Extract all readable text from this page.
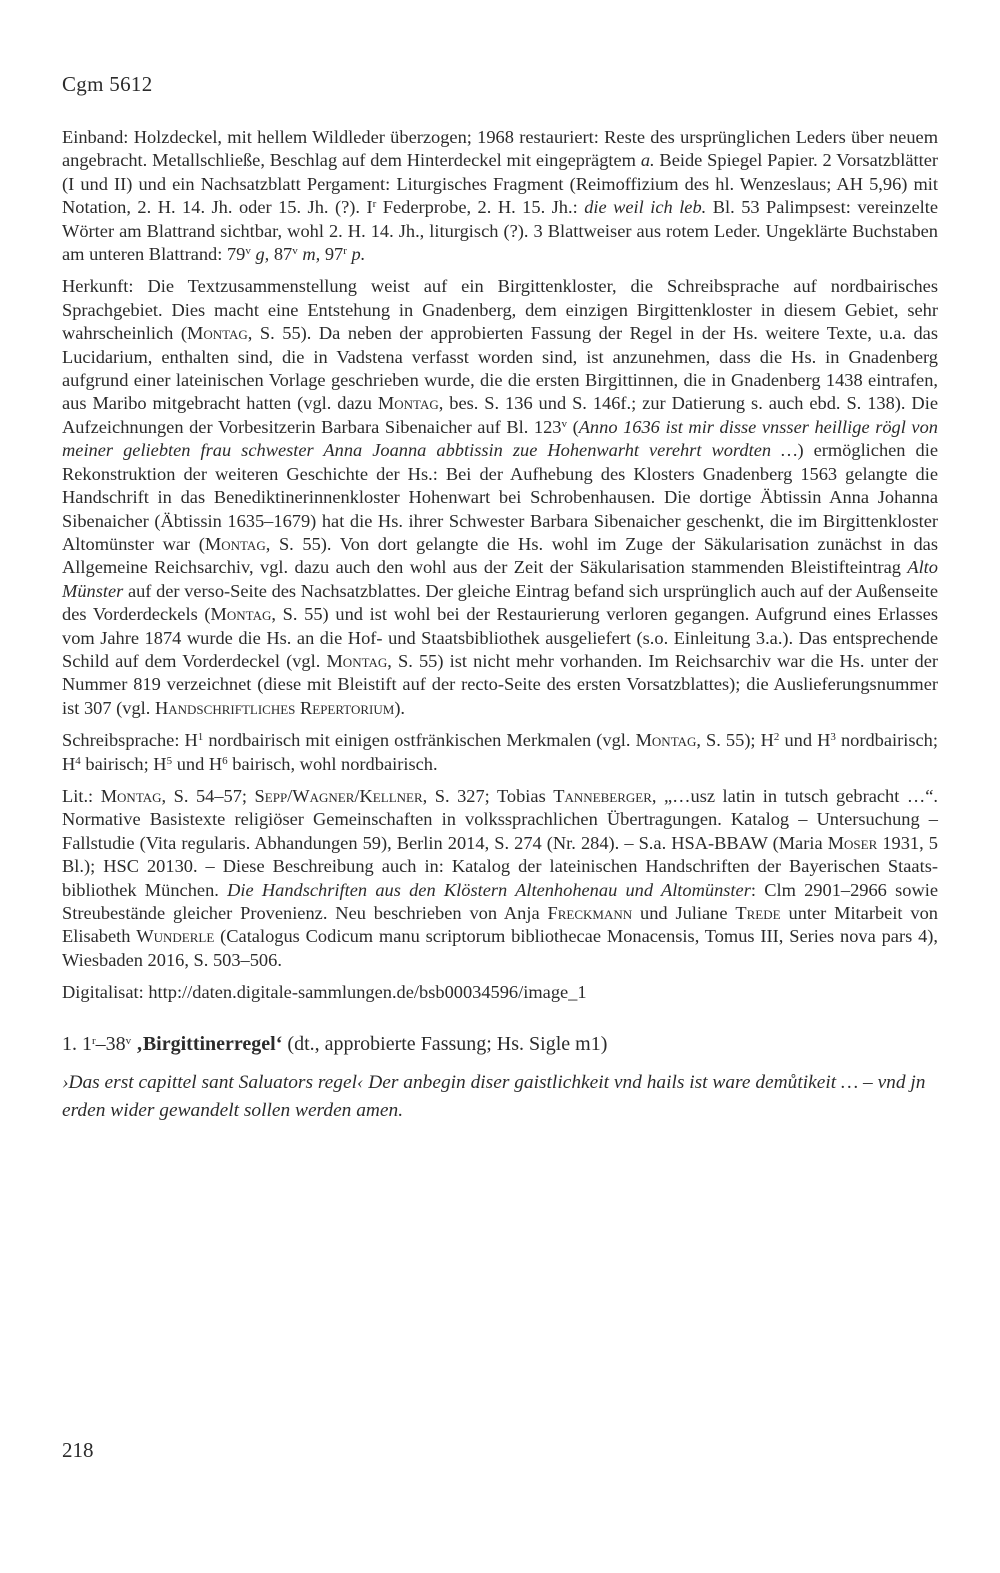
Cgm 5612

Einband: Holzdeckel, mit hellem Wildleder überzogen; 1968 restauriert: Reste des ursprünglichen Leders über neuem angebracht. Metallschließe, Beschlag auf dem Hinterdeckel mit eingeprägtem a. Beide Spiegel Papier. 2 Vorsatzblätter (I und II) und ein Nachsatzblatt Pergament: Liturgisches Fragment (Reimoffizium des hl. Wenzeslaus; AH 5,96) mit Notation, 2. H. 14. Jh. oder 15. Jh. (?). $I^r$ Federprobe, 2. H. 15. Jh.: die weil ich leb. Bl. 53 Palimpsest: vereinzelte Wörter am Blattrand sichtbar, wohl 2. H. 14. Jh., liturgisch (?). 3 Blattweiser aus rotem Leder. Ungeklärte Buchstaben am unteren Blattrand: 79$^v$ g, 87$^v$ m, 97$^r$ p.

Herkunft: Die Textzusammenstellung weist auf ein Birgittenkloster, die Schreibsprache auf nordbairisches Sprachgebiet. Dies macht eine Entstehung in Gnadenberg, dem einzigen Birgittenkloster in diesem Gebiet, sehr wahrscheinlich (Montag, S. 55). Da neben der approbierten Fassung der Regel in der Hs. weitere Texte, u.a. das Lucidarium, enthalten sind, die in Vadstena verfasst worden sind, ist anzunehmen, dass die Hs. in Gnadenberg aufgrund einer lateinischen Vorlage geschrieben wurde, die die ersten Birgittinnen, die in Gnadenberg 1438 eintrafen, aus Maribo mitgebracht hatten (vgl. dazu Montag, bes. S. 136 und S. 146f.; zur Datierung s. auch ebd. S. 138). Die Aufzeichnungen der Vorbesitzerin Barbara Sibenaicher auf Bl. 123$^v$ (Anno 1636 ist mir disse vnsser heillige rögl von meiner geliebten frau schwester Anna Joanna abbtissin zue Hohenwarht verehrt wordten …) ermöglichen die Rekonstruktion der weiteren Geschichte der Hs.: Bei der Aufhebung des Klosters Gnadenberg 1563 gelangte die Handschrift in das Benediktinerinnenkloster Hohenwart bei Schrobenhausen. Die dortige Äbtissin Anna Johanna Sibenaicher (Äbtissin 1635–1679) hat die Hs. ihrer Schwester Barbara Sibenaicher geschenkt, die im Birgittenkloster Altomünster war (Montag, S. 55). Von dort gelangte die Hs. wohl im Zuge der Säkularisation zunächst in das Allgemeine Reichsarchiv, vgl. dazu auch den wohl aus der Zeit der Säkularisation stammenden Bleistifteintrag Alto Münster auf der verso-Seite des Nachsatzblattes. Der gleiche Eintrag befand sich ursprünglich auch auf der Außenseite des Vorderdeckels (Montag, S. 55) und ist wohl bei der Restaurierung verloren gegangen. Aufgrund eines Erlasses vom Jahre 1874 wurde die Hs. an die Hof- und Staatsbibliothek ausgeliefert (s.o. Einleitung 3.a.). Das entsprechende Schild auf dem Vorderdeckel (vgl. Montag, S. 55) ist nicht mehr vorhanden. Im Reichsarchiv war die Hs. unter der Nummer 819 verzeichnet (diese mit Bleistift auf der recto-Seite des ersten Vorsatzblattes); die Auslieferungsnummer ist 307 (vgl. Handschriftliches Repertorium).

Schreibsprache: $H^1$ nordbairisch mit einigen ostfränkischen Merkmalen (vgl. Montag, S. 55); $H^2$ und $H^3$ nordbairisch; $H^4$ bairisch; $H^5$ und $H^6$ bairisch, wohl nordbairisch.

Lit.: Montag, S. 54–57; Sepp/Wagner/Kellner, S. 327; Tobias Tanneberger, „…usz latin in tutsch gebracht …“. Normative Basistexte religiöser Gemeinschaften in volkssprachlichen Übertragungen. Katalog – Untersuchung – Fallstudie (Vita regularis. Abhandungen 59), Berlin 2014, S. 274 (Nr. 284). – S.a. HSA-BBAW (Maria Moser 1931, 5 Bl.); HSC 20130. – Diese Beschreibung auch in: Katalog der lateinischen Handschriften der Bayerischen Staatsbibliothek München. Die Handschriften aus den Klöstern Altenhohenau und Altomünster: Clm 2901–2966 sowie Streubestände gleicher Provenienz. Neu beschrieben von Anja Freckmann und Juliane Trede unter Mitarbeit von Elisabeth Wunderle (Catalogus Codicum manu scriptorum bibliothecae Monacensis, Tomus III, Series nova pars 4), Wiesbaden 2016, S. 503–506.

Digitalisat: http://daten.digitale-sammlungen.de/bsb00034596/image_1

1. 1$^r$–38$^v$ ‚Birgittinerregel‘ (dt., approbierte Fassung; Hs. Sigle m1)

›Das erst capittel sant Saluators regel‹ Der anbegin diser gaistlichkeit vnd hails ist ware demůtikeit … – vnd jn erden wider gewandelt sollen werden amen.

218
